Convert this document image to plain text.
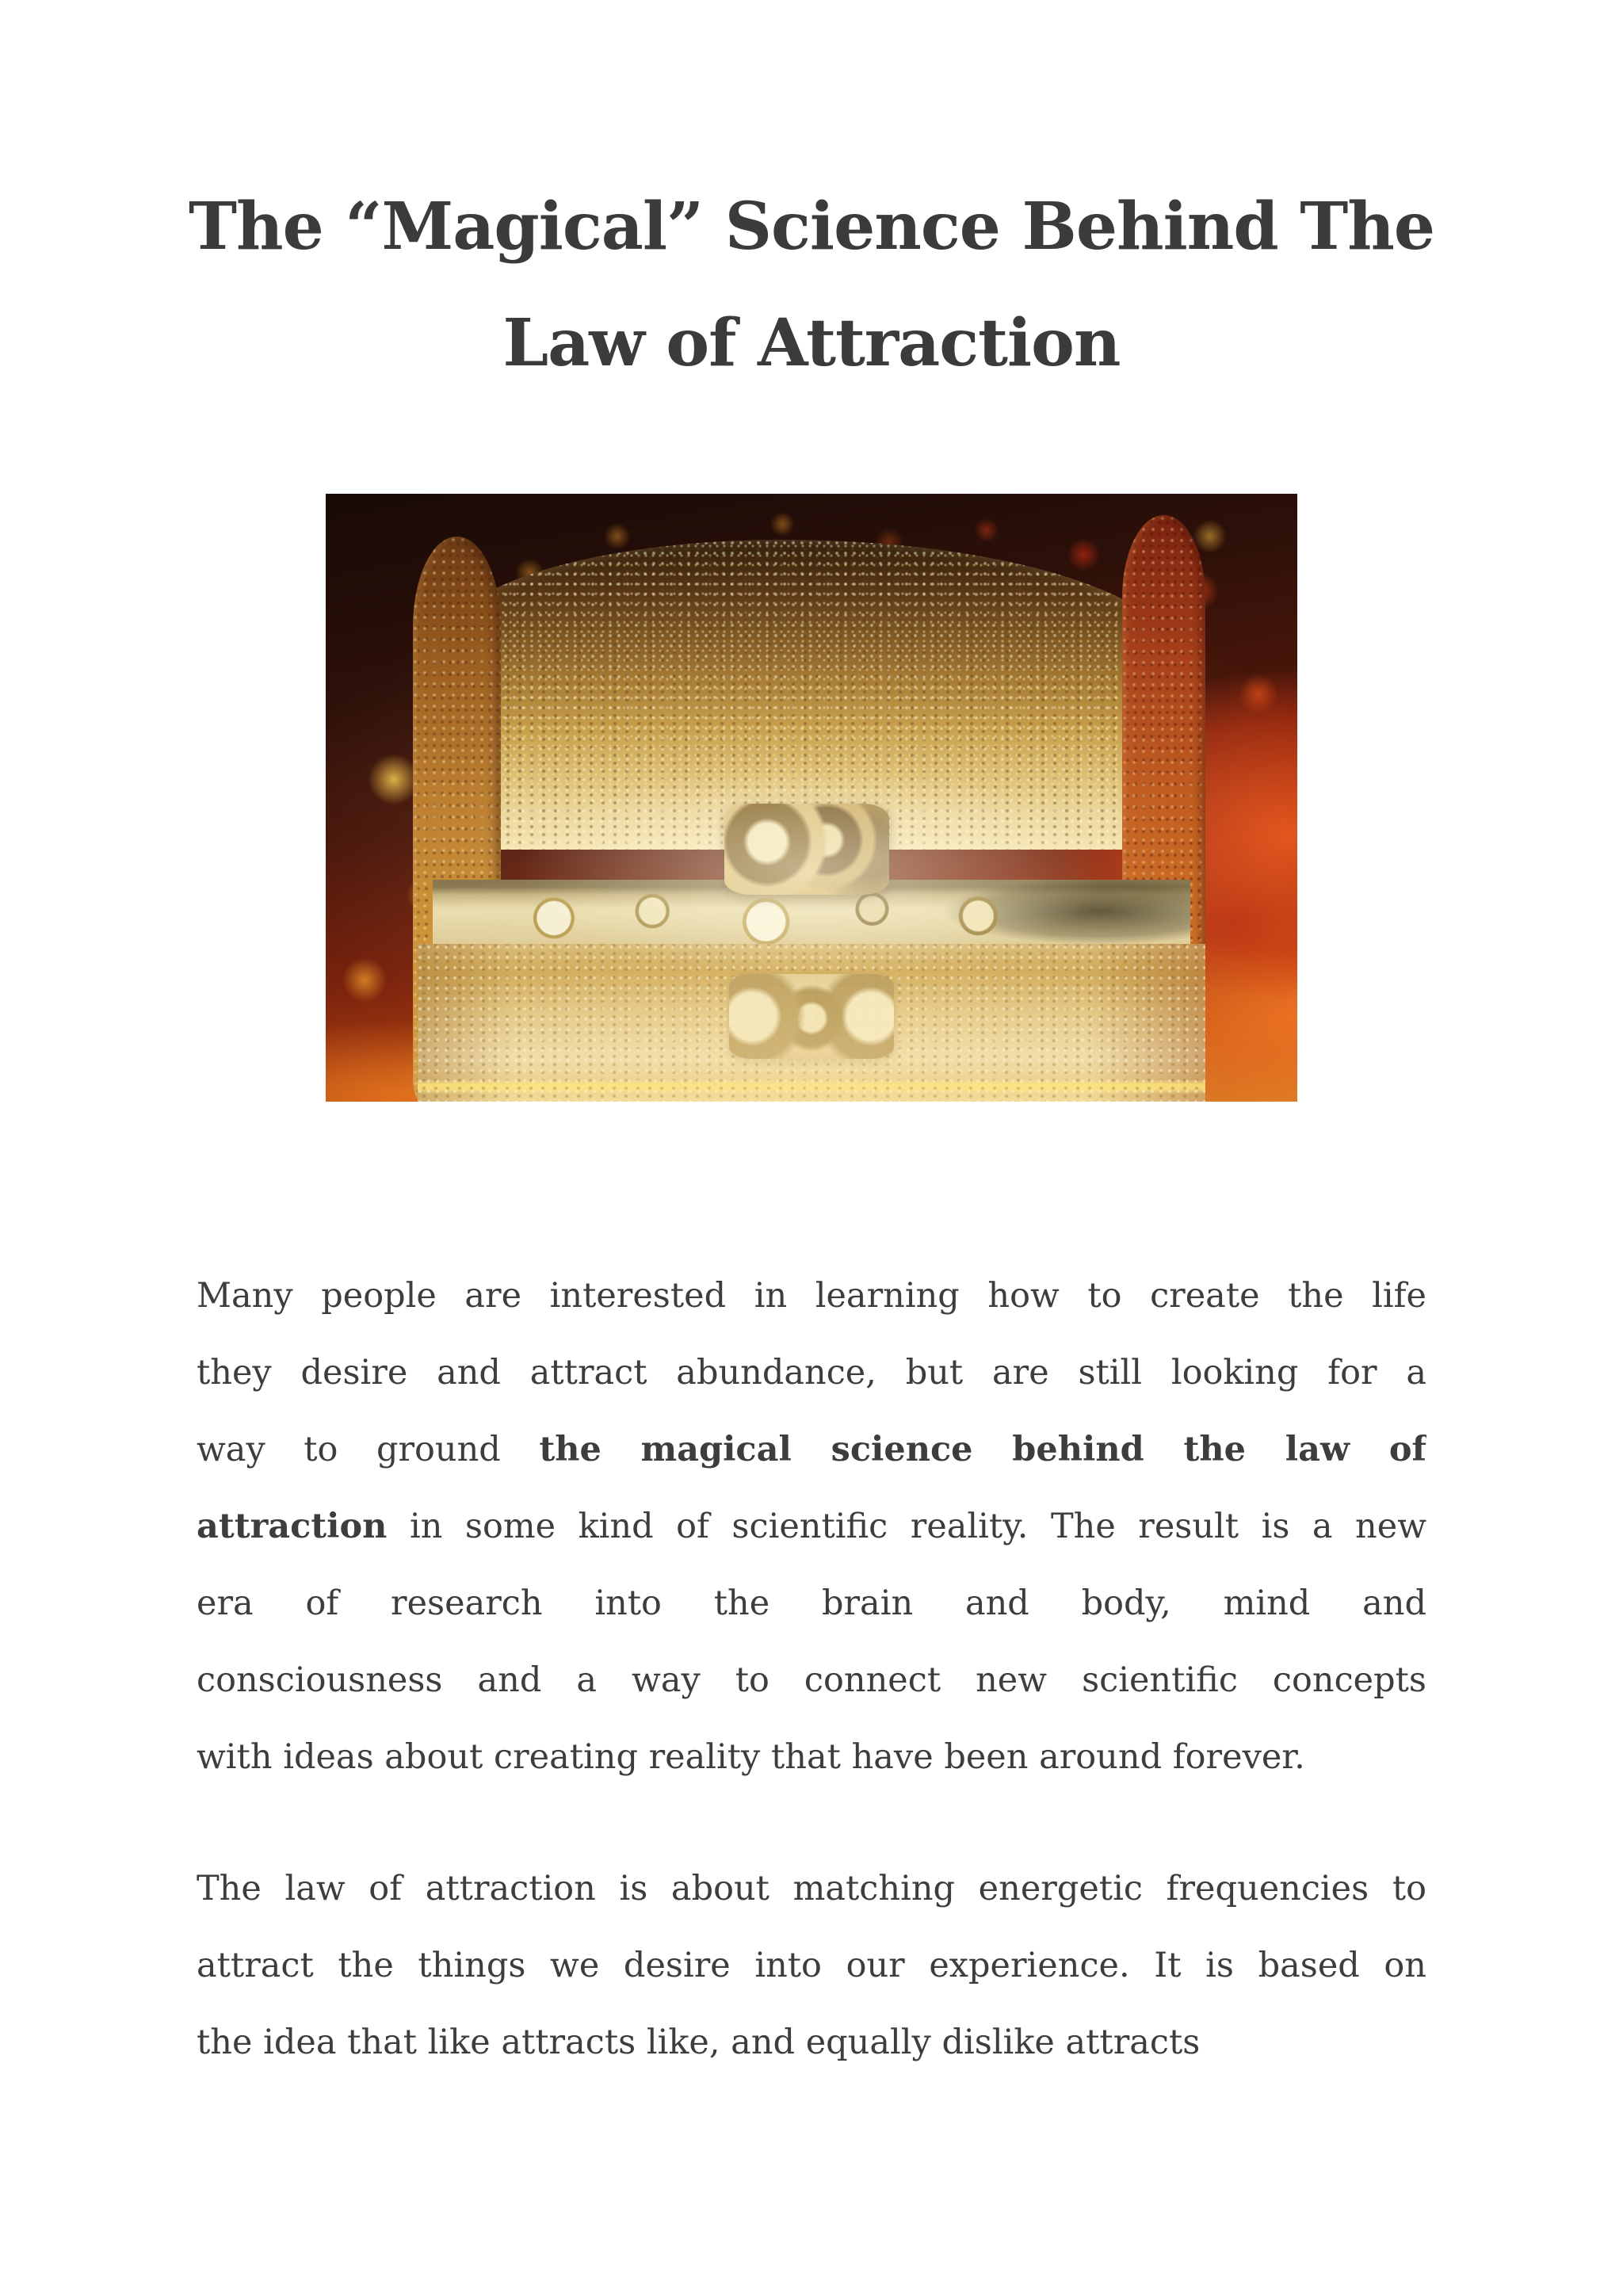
The “Magical” Science Behind The
Law of Attraction
Many people are interested in learning how to create the life
they desire and attract abundance, but are still looking for a
way to ground the magical science behind the law of
attraction in some kind of scientific reality. The result is a new
era of research into the brain and body, mind and
consciousness and a way to connect new scientific concepts
with ideas about creating reality that have been around forever.
The law of attraction is about matching energetic frequencies to
attract the things we desire into our experience. It is based on
the idea that like attracts like, and equally dislike attracts
